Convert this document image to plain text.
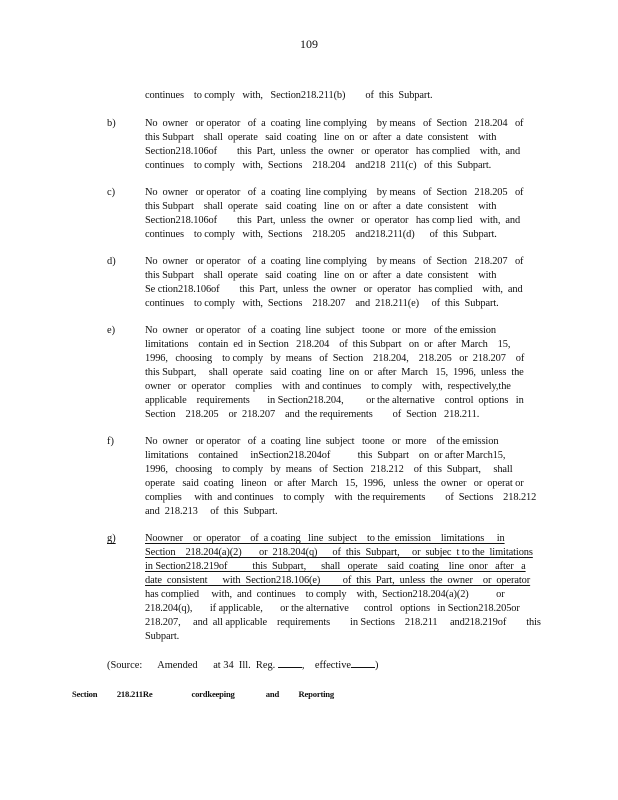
109
continues    to comply   with,   Section218.211(b)        of  this  Subpart.
b)	No  owner   or operator   of  a  coating  line complying    by means   of  Section   218.204   of
this Subpart    shall  operate   said  coating   line  on  or  after  a  date  consistent    with
Section218.106of        this  Part,  unless  the  owner   or  operator   has complied    with,  and
continues    to comply   with,  Sections    218.204    and218  211(c)   of  this  Subpart.
c)	No  owner   or operator   of  a  coating  line complying    by means   of  Section   218.205   of
this Subpart    shall  operate   said  coating   line  on  or  after  a  date  consistent    with
Section218.106of        this  Part,  unless  the  owner   or  operator   has comp lied   with,  and
continues    to comply   with,  Sections    218.205    and218.211(d)      of  this  Subpart.
d)	No  owner   or operator   of  a  coating  line complying    by means   of  Section   218.207   of
this Subpart    shall  operate   said  coating   line  on  or  after  a  date  consistent    with
Se ction218.106of        this  Part,  unless  the  owner   or  operator   has complied    with,  and
continues    to comply   with,  Sections    218.207    and  218.211(e)     of  this  Subpart.
e)	No  owner   or operator   of  a  coating  line  subject   toone   or  more   of the emission
limitations    contain  ed  in Section   218.204    of  this Subpart   on  or  after  March    15,
1996,   choosing    to comply   by  means   of  Section    218.204,    218.205   or  218.207    of
this Subpart,     shall  operate   said  coating   line  on  or  after  March   15,  1996,  unless  the
owner   or  operator    complies    with  and continues    to comply    with,  respectively,the
applicable    requirements       in Section218.204,         or the alternative    control  options   in
Section    218.205    or  218.207    and  the requirements        of  Section   218.211.
f)	No  owner   or operator   of  a  coating  line  subject   toone   or  more    of the emission
limitations    contained     inSection218.204of           this  Subpart    on  or after March15,
1996,   choosing    to comply   by  means   of  Section   218.212    of  this  Subpart,     shall
operate   said  coating   lineon   or  after  March   15,  1996,   unless  the  owner   or  operat or
complies     with  and continues    to comply    with  the requirements        of  Sections    218.212
and  218.213     of  this  Subpart.
g)	Noowner    or  operator    of  a coating   line  subject    to the  emission    limitations     in
Section    218.204(a)(2)       or  218.204(q)      of  this  Subpart,     or  subjec  t to the  limitations
in Section218.219of          this  Subpart,      shall   operate    said  coating    line  onor   after   a
date  consistent      with  Section218.106(e)         of  this  Part,  unless  the  owner    or  operator
has complied     with,  and  continues    to comply    with,  Section218.204(a)(2)           or
218.204(q),       if applicable,       or the alternative      control   options   in Section218.205or
218.207,     and  all applicable    requirements        in Sections    218.211     and218.219of        this
Subpart.
(Source:      Amended      at 34  Ill.  Reg.	,    effective )
Section          218.211Re                    cordkeeping                and          Reporting
